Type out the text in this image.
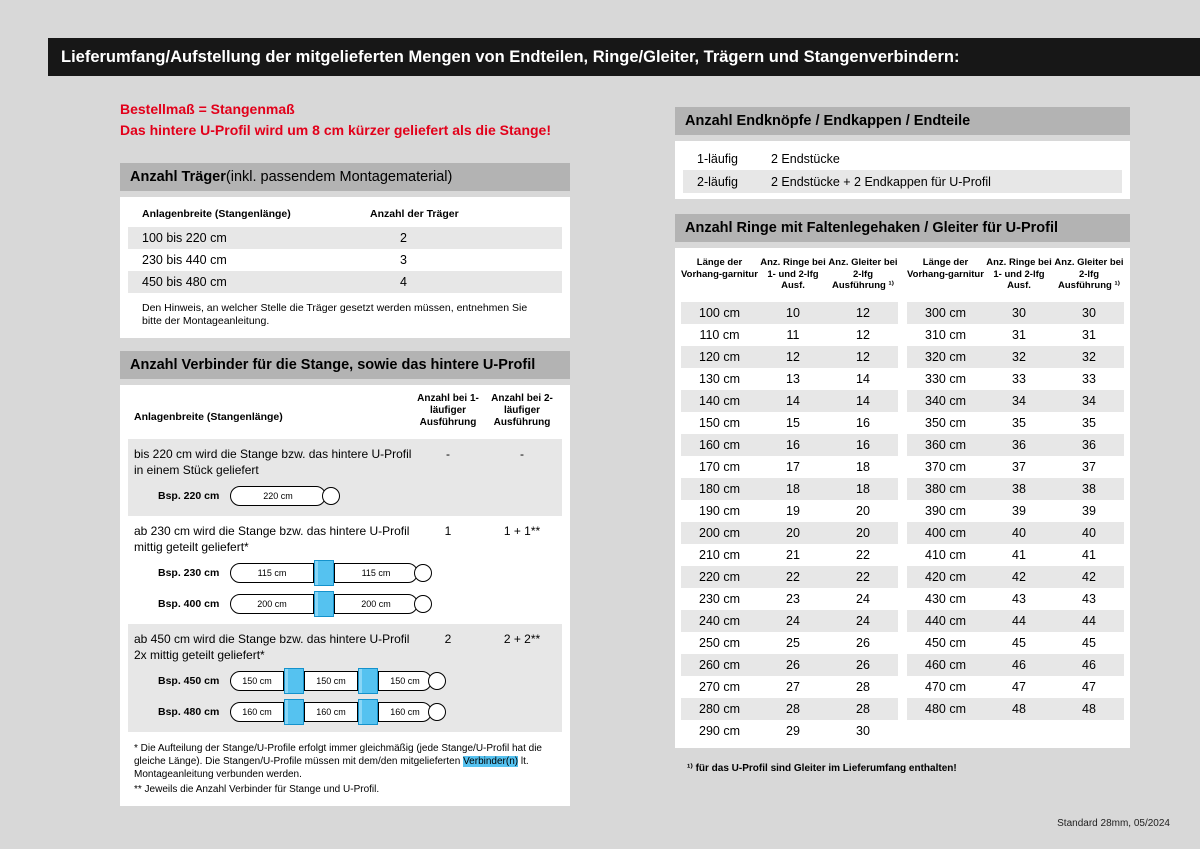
Lieferumfang/Aufstellung der mitgelieferten Mengen von Endteilen, Ringe/Gleiter, Trägern und Stangenverbindern:
Bestellmaß = Stangenmaß
Das hintere U-Profil wird um 8 cm kürzer geliefert als die Stange!
Anzahl Träger (inkl. passendem Montagematerial)
Anlagenbreite (Stangenlänge)	Anzahl der Träger
100 bis 220 cm	2
230 bis 440 cm	3
450 bis 480 cm	4
Den Hinweis, an welcher Stelle die Träger gesetzt werden müssen, entnehmen Sie bitte der Montageanleitung.
Anzahl Verbinder für die Stange, sowie das hintere U-Profil
Anlagenbreite (Stangenlänge)
Anzahl bei 1-läufiger Ausführung
Anzahl bei 2-läufiger Ausführung
bis 220 cm wird die Stange bzw. das hintere U-Profil in einem Stück geliefert
-	-
Bsp. 220 cm	220 cm
ab 230 cm wird die Stange bzw. das hintere U-Profil mittig geteilt geliefert*
1	1 + 1**
Bsp. 230 cm	115 cm	115 cm
Bsp. 400 cm	200 cm	200 cm
ab 450 cm wird die Stange bzw. das hintere U-Profil 2x mittig geteilt geliefert*
2	2 + 2**
Bsp. 450 cm	150 cm	150 cm	150 cm
Bsp. 480 cm	160 cm	160 cm	160 cm
* Die Aufteilung der Stange/U-Profile erfolgt immer gleichmäßig (jede Stange/U-Profil hat die gleiche Länge). Die Stangen/U-Profile müssen mit dem/den mitgelieferten Verbinder(n) lt. Montageanleitung verbunden werden.
** Jeweils die Anzahl Verbinder für Stange und U-Profil.
Anzahl Endknöpfe / Endkappen / Endteile
1-läufig	2 Endstücke
2-läufig	2 Endstücke + 2 Endkappen für U-Profil
Anzahl Ringe mit Faltenlegehaken / Gleiter für U-Profil
Länge der Vorhang-garnitur
Anz. Ringe bei 1- und 2-lfg Ausf.
Anz. Gleiter bei 2-lfg Ausführung ¹⁾
100 cm	10	12
110 cm	11	12
120 cm	12	12
130 cm	13	14
140 cm	14	14
150 cm	15	16
160 cm	16	16
170 cm	17	18
180 cm	18	18
190 cm	19	20
200 cm	20	20
210 cm	21	22
220 cm	22	22
230 cm	23	24
240 cm	24	24
250 cm	25	26
260 cm	26	26
270 cm	27	28
280 cm	28	28
290 cm	29	30
Länge der Vorhang-garnitur
Anz. Ringe bei 1- und 2-lfg Ausf.
Anz. Gleiter bei 2-lfg Ausführung ¹⁾
300 cm	30	30
310 cm	31	31
320 cm	32	32
330 cm	33	33
340 cm	34	34
350 cm	35	35
360 cm	36	36
370 cm	37	37
380 cm	38	38
390 cm	39	39
400 cm	40	40
410 cm	41	41
420 cm	42	42
430 cm	43	43
440 cm	44	44
450 cm	45	45
460 cm	46	46
470 cm	47	47
480 cm	48	48
¹⁾ für das U-Profil sind Gleiter im Lieferumfang enthalten!
Standard 28mm, 05/2024
